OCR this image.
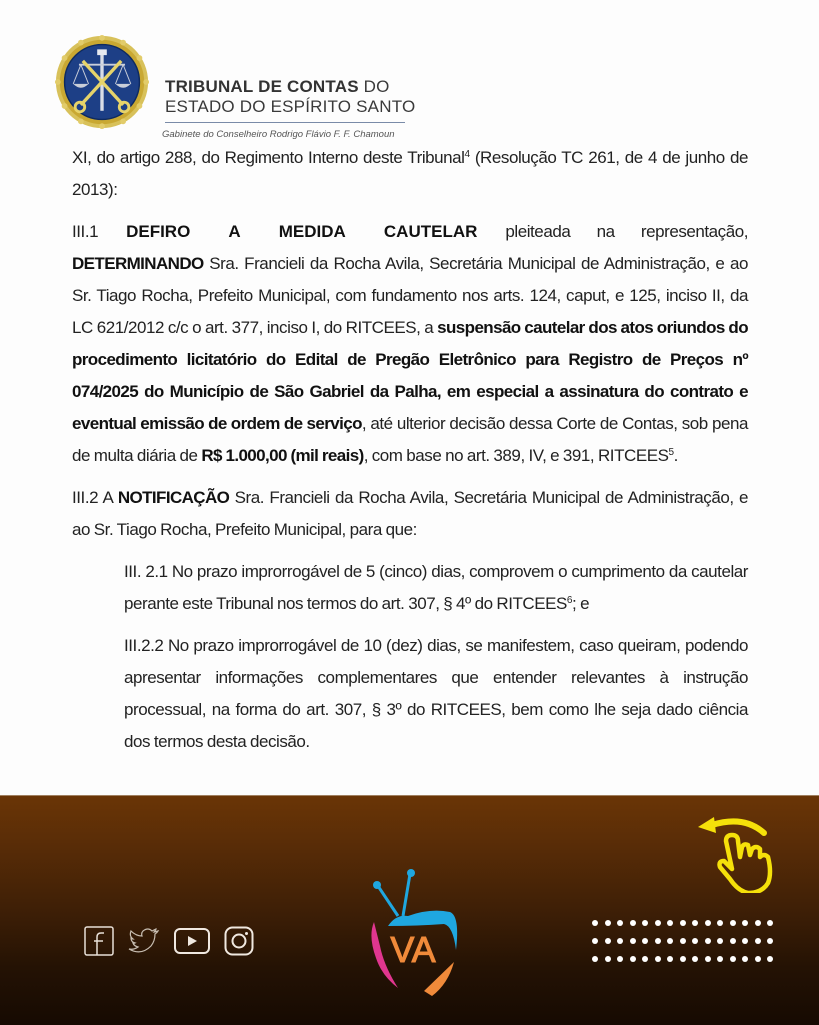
TRIBUNAL DE CONTAS DO
ESTADO DO ESPÍRITO SANTO
Gabinete do Conselheiro Rodrigo Flávio F. F. Chamoun

XI, do artigo 288, do Regimento Interno deste Tribunal$^4$ (Resolução TC 261, de 4 de junho de 2013):

III.1 DEFIRO A MEDIDA CAUTELAR pleiteada na representação,

DETERMINANDO Sra. Francieli da Rocha Avila, Secretária Municipal de Administração, e ao Sr. Tiago Rocha, Prefeito Municipal, com fundamento nos arts. 124, caput, e 125, inciso II, da LC 621/2012 c/c o art. 377, inciso I, do RITCEES, a suspensão cautelar dos atos oriundos do procedimento licitatório do Edital de Pregão Eletrônico para Registro de Preços nº 074/2025 do Município de São Gabriel da Palha, em especial a assinatura do contrato e eventual emissão de ordem de serviço, até ulterior decisão dessa Corte de Contas, sob pena de multa diária de R$ 1.000,00 (mil reais), com base no art. 389, IV, e 391, RITCEES$^5$.

III.2 A NOTIFICAÇÃO Sra. Francieli da Rocha Avila, Secretária Municipal de Administração, e ao Sr. Tiago Rocha, Prefeito Municipal, para que:

III. 2.1 No prazo improrrogável de 5 (cinco) dias, comprovem o cumprimento da cautelar perante este Tribunal nos termos do art. 307, § 4º do RITCEES$^6$; e

III.2.2 No prazo improrrogável de 10 (dez) dias, se manifestem, caso queiram, podendo apresentar informações complementares que entender relevantes à instrução processual, na forma do art. 307, § 3º do RITCEES, bem como lhe seja dado ciência dos termos desta decisão.

VA
